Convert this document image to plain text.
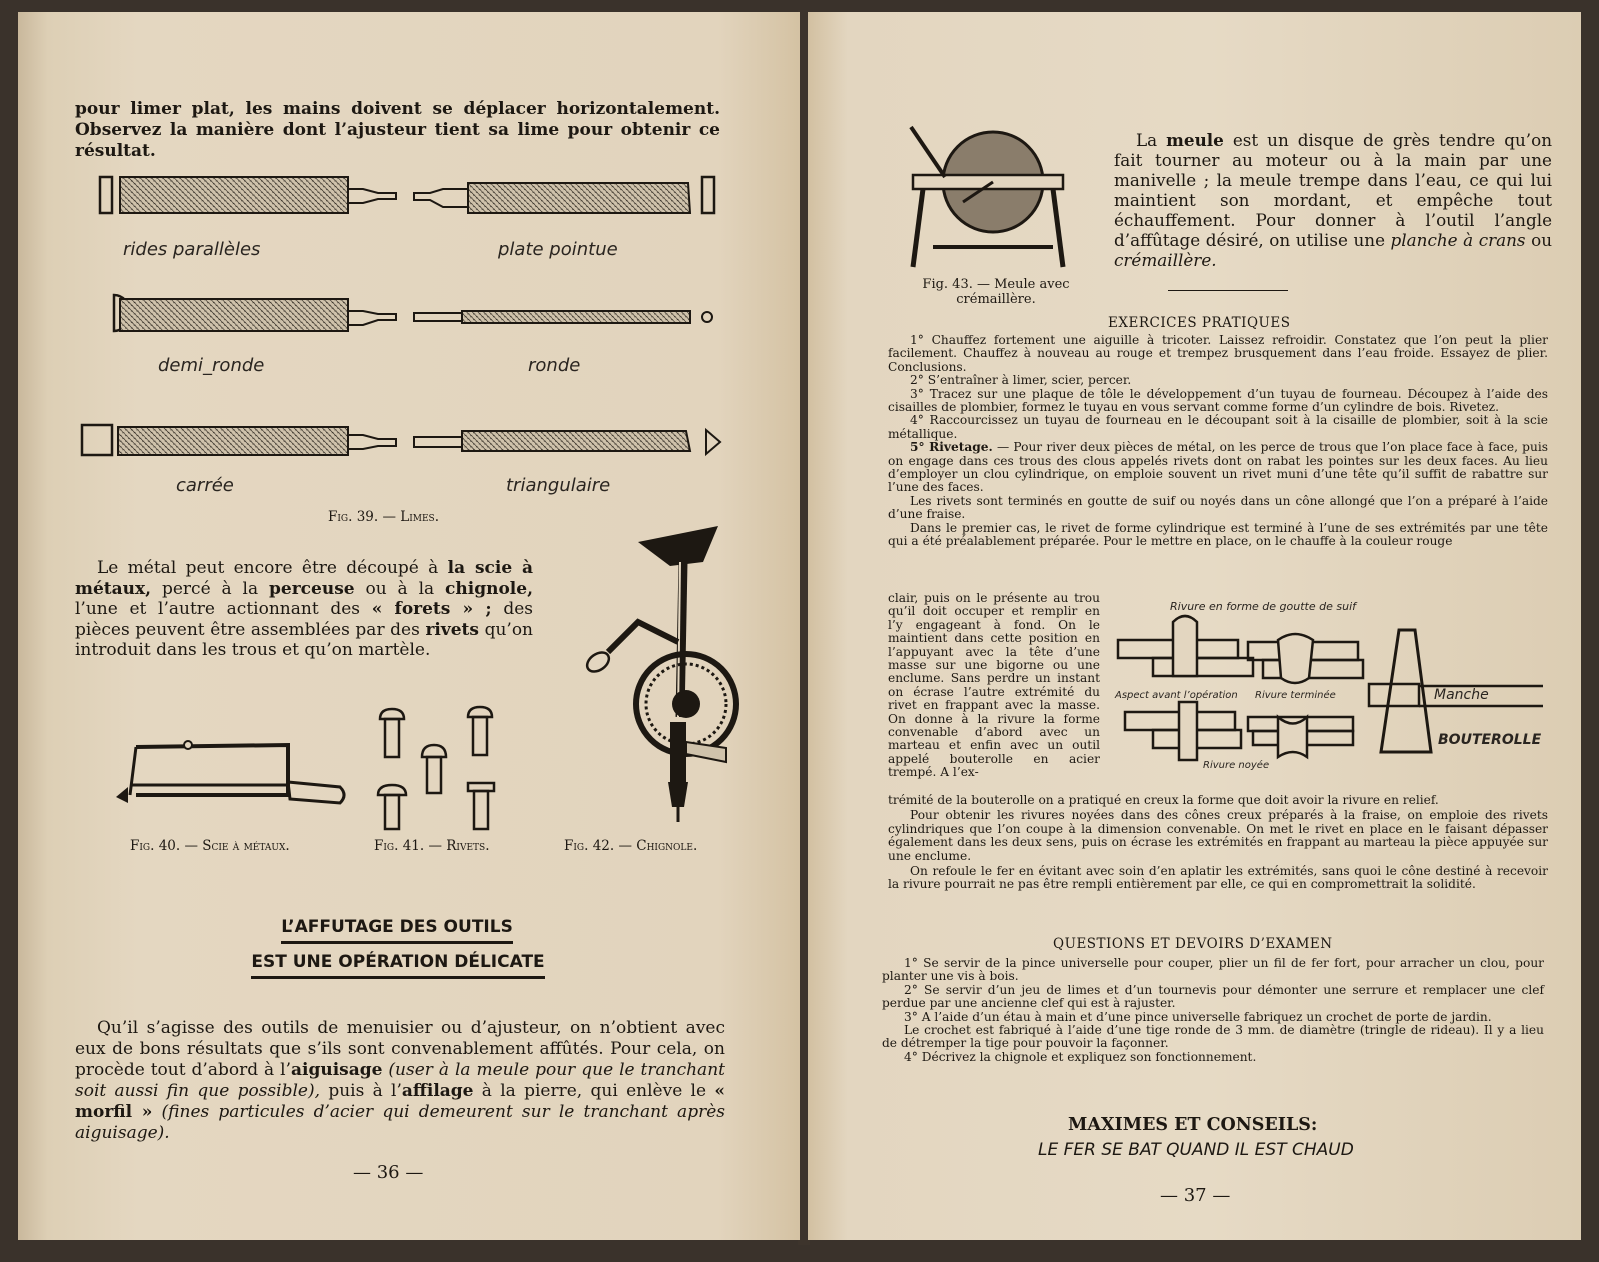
pour limer plat, les mains doivent se déplacer horizontalement. Observez la manière dont l’ajusteur tient sa lime pour obtenir ce résultat.
rides parallèles	plate pointue
demi_ronde	ronde
carrée	triangulaire
Fig. 39. — Limes.
Le métal peut encore être découpé à la scie à métaux, percé à la perceuse ou à la chignole, l’une et l’autre actionnant des « forets » ; des pièces peuvent être assemblées par des rivets qu’on introduit dans les trous et qu’on martèle.
Fig. 40. — Scie à métaux.	Fig. 41. — Rivets.	Fig. 42. — Chignole.
L’AFFUTAGE DES OUTILS
EST UNE OPÉRATION DÉLICATE
Qu’il s’agisse des outils de menuisier ou d’ajusteur, on n’obtient avec eux de bons résultats que s’ils sont convenablement affûtés. Pour cela, on procède tout d’abord à l’aiguisage (user à la meule pour que le tranchant soit aussi fin que possible), puis à l’affilage à la pierre, qui enlève le « morfil » (fines particules d’acier qui demeurent sur le tranchant après aiguisage).
— 36 —
Fig. 43. — Meule avec crémaillère.
La meule est un disque de grès tendre qu’on fait tourner au moteur ou à la main par une manivelle ; la meule trempe dans l’eau, ce qui lui maintient son mordant, et empêche tout échauffement. Pour donner à l’outil l’angle d’affûtage désiré, on utilise une planche à crans ou crémaillère.
EXERCICES PRATIQUES
1° Chauffez fortement une aiguille à tricoter. Laissez refroidir. Constatez que l’on peut la plier facilement. Chauffez à nouveau au rouge et trempez brusquement dans l’eau froide. Essayez de plier. Conclusions.
2° S’entraîner à limer, scier, percer.
3° Tracez sur une plaque de tôle le développement d’un tuyau de fourneau. Découpez à l’aide des cisailles de plombier, formez le tuyau en vous servant comme forme d’un cylindre de bois. Rivetez.
4° Raccourcissez un tuyau de fourneau en le découpant soit à la cisaille de plombier, soit à la scie métallique.
5° Rivetage. — Pour river deux pièces de métal, on les perce de trous que l’on place face à face, puis on engage dans ces trous des clous appelés rivets dont on rabat les pointes sur les deux faces. Au lieu d’employer un clou cylindrique, on emploie souvent un rivet muni d’une tête qu’il suffit de rabattre sur l’une des faces.
Les rivets sont terminés en goutte de suif ou noyés dans un cône allongé que l’on a préparé à l’aide d’une fraise.
Dans le premier cas, le rivet de forme cylindrique est terminé à l’une de ses extrémités par une tête qui a été préalablement préparée. Pour le mettre en place, on le chauffe à la couleur rouge
clair, puis on le présente au trou qu’il doit occuper et remplir en l’y engageant à fond. On le maintient dans cette position en l’appuyant avec la tête d’une masse sur une bigorne ou une enclume. Sans perdre un instant on écrase l’autre extrémité du rivet en frappant avec la masse. On donne à la rivure la forme convenable d’abord avec un marteau et enfin avec un outil appelé bouterolle en acier trempé. A l’ex-
Rivure en forme de goutte de suif
Aspect avant l’opération Rivure terminée
Rivure noyée
Manche
BOUTEROLLE
trémité de la bouterolle on a pratiqué en creux la forme que doit avoir la rivure en relief.
Pour obtenir les rivures noyées dans des cônes creux préparés à la fraise, on emploie des rivets cylindriques que l’on coupe à la dimension convenable. On met le rivet en place en le faisant dépasser également dans les deux sens, puis on écrase les extrémités en frappant au marteau la pièce appuyée sur une enclume.
On refoule le fer en évitant avec soin d’en aplatir les extrémités, sans quoi le cône destiné à recevoir la rivure pourrait ne pas être rempli entièrement par elle, ce qui en compromettrait la solidité.
QUESTIONS ET DEVOIRS D’EXAMEN
1° Se servir de la pince universelle pour couper, plier un fil de fer fort, pour arracher un clou, pour planter une vis à bois.
2° Se servir d’un jeu de limes et d’un tournevis pour démonter une serrure et remplacer une clef perdue par une ancienne clef qui est à rajuster.
3° A l’aide d’un étau à main et d’une pince universelle fabriquez un crochet de porte de jardin.
Le crochet est fabriqué à l’aide d’une tige ronde de 3 mm. de diamètre (tringle de rideau). Il y a lieu de détremper la tige pour pouvoir la façonner.
4° Décrivez la chignole et expliquez son fonctionnement.
MAXIMES ET CONSEILS:
LE FER SE BAT QUAND IL EST CHAUD
— 37 —
